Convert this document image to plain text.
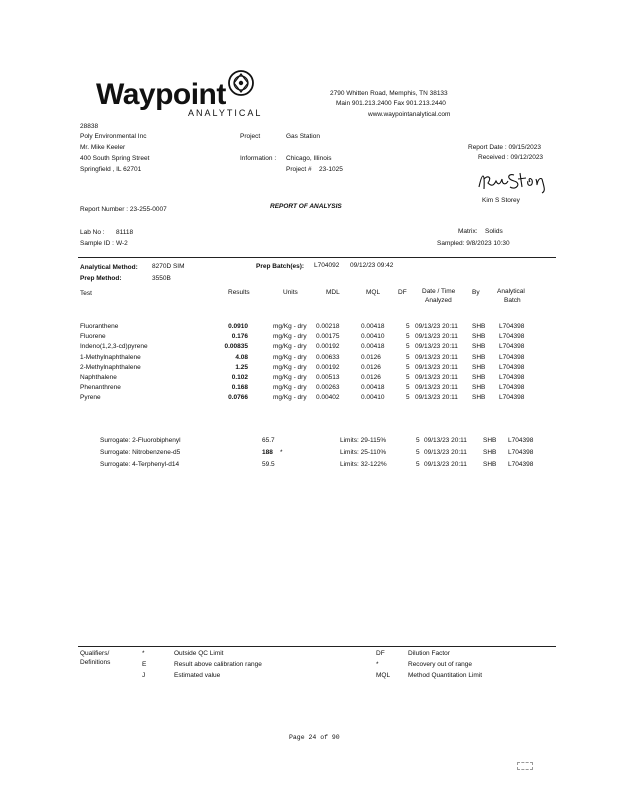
Waypoint
ANALYTICAL
2790 Whitten Road, Memphis, TN 38133
Main 901.213.2400 Fax 901.213.2440
www.waypointanalytical.com
28838
Poly Environmental Inc
Mr. Mike Keeler
400 South Spring Street
Springfield , IL 62701
Project	Gas Station
Information : Chicago, Illinois
Project # 23-1025
Report Date : 09/15/2023
Received : 09/12/2023
Kim S Storey
Report Number : 23-255-0007	REPORT OF ANALYSIS
Lab No : 81118
Sample ID : W-2
Matrix: Solids
Sampled: 9/8/2023 10:30
Analytical Method: 8270D SIM	Prep Batch(es): L704092 09/12/23 09:42
Prep Method:	3550B
Test	Results	Units	MDL	MQL	DF Date / Time
Analyzed
By	Analytical
Batch
Fluoranthene	0.0910	mg/Kg - dry 0.00218	0.00418	5 09/13/23 20:11 SHB L704398
Fluorene	0.176	mg/Kg - dry 0.00175	0.00410	5 09/13/23 20:11 SHB L704398
Indeno(1,2,3-cd)pyrene	0.00835	mg/Kg - dry 0.00192	0.00418	5 09/13/23 20:11 SHB L704398
1-Methylnaphthalene	4.08	mg/Kg - dry 0.00633	0.0126	5 09/13/23 20:11 SHB L704398
2-Methylnaphthalene	1.25	mg/Kg - dry 0.00192	0.0126	5 09/13/23 20:11 SHB L704398
Naphthalene	0.102	mg/Kg - dry 0.00513	0.0126	5 09/13/23 20:11 SHB L704398
Phenanthrene	0.168	mg/Kg - dry 0.00263	0.00418	5 09/13/23 20:11 SHB L704398
Pyrene	0.0766	mg/Kg - dry 0.00402	0.00410	5 09/13/23 20:11 SHB L704398
Surrogate: 2-Fluorobiphenyl	65.7	Limits: 29-115%	5 09/13/23 20:11 SHB L704398
Surrogate: Nitrobenzene-d5	188 *	Limits: 25-110%	5 09/13/23 20:11 SHB L704398
Surrogate: 4-Terphenyl-d14	59.5	Limits: 32-122%	5 09/13/23 20:11 SHB L704398
Qualifiers/
Definitions
*	Outside QC Limit
E	Result above calibration range
J	Estimated value
DF	Dilution Factor
*	Recovery out of range
MQL	Method Quantitation Limit
Page 24 of 90
